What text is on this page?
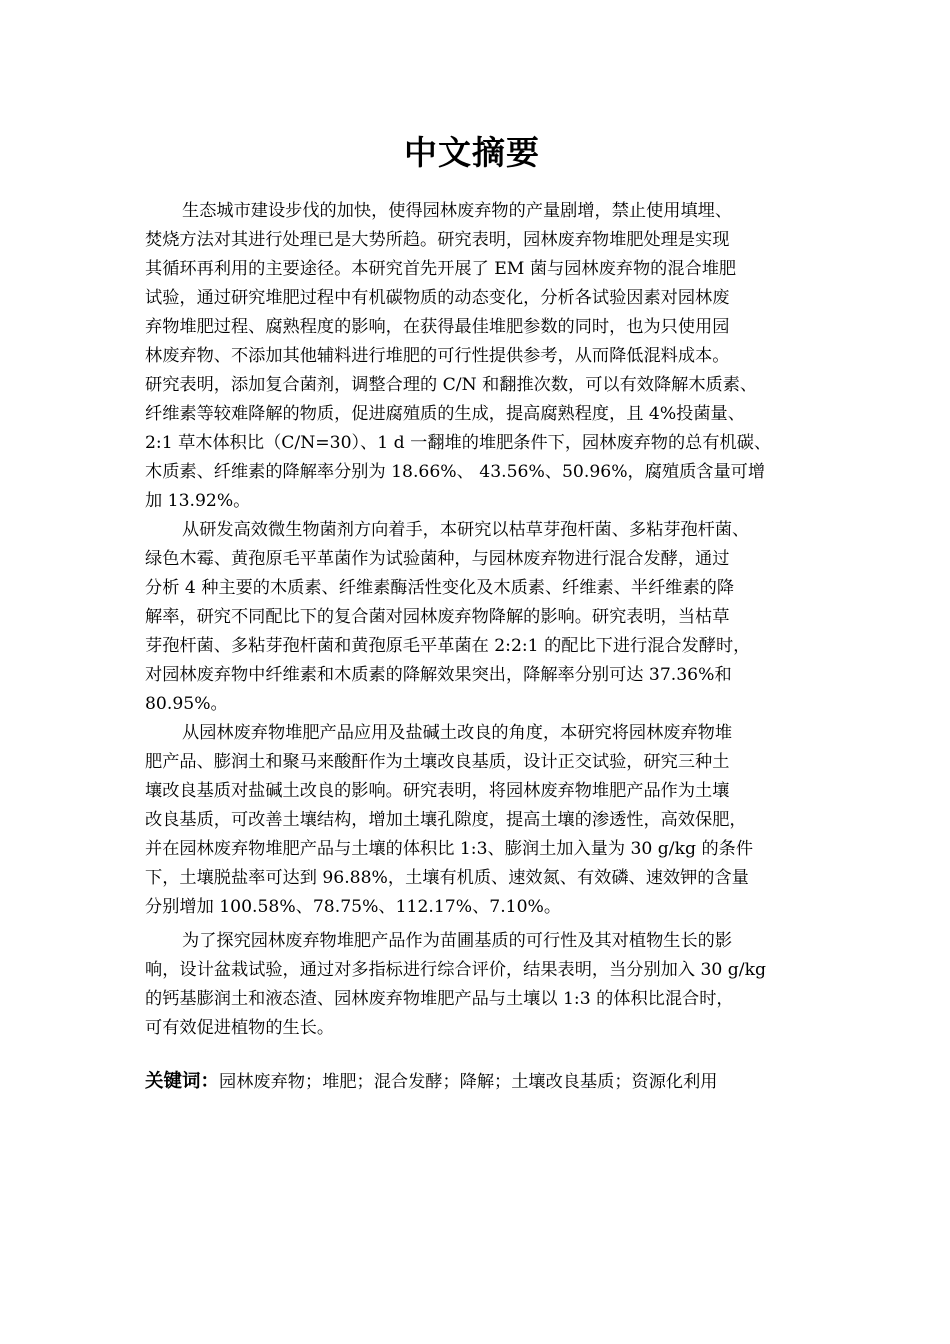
中文摘要
生态城市建设步伐的加快，使得园林废弃物的产量剧增，禁止使用填埋、
焚烧方法对其进行处理已是大势所趋。研究表明，园林废弃物堆肥处理是实现
其循环再利用的主要途径。本研究首先开展了 EM 菌与园林废弃物的混合堆肥
试验，通过研究堆肥过程中有机碳物质的动态变化，分析各试验因素对园林废
弃物堆肥过程、腐熟程度的影响，在获得最佳堆肥参数的同时，也为只使用园
林废弃物、不添加其他辅料进行堆肥的可行性提供参考，从而降低混料成本。
研究表明，添加复合菌剂，调整合理的 C/N 和翻推次数，可以有效降解木质素、
纤维素等较难降解的物质，促进腐殖质的生成，提高腐熟程度，且 4%投菌量、
2:1 草木体积比（C/N=30）、1 d 一翻堆的堆肥条件下，园林废弃物的总有机碳、
木质素、纤维素的降解率分别为 18.66%、 43.56%、50.96%，腐殖质含量可增
加 13.92%。
从研发高效微生物菌剂方向着手，本研究以枯草芽孢杆菌、多粘芽孢杆菌、
绿色木霉、黄孢原毛平革菌作为试验菌种，与园林废弃物进行混合发酵，通过
分析 4 种主要的木质素、纤维素酶活性变化及木质素、纤维素、半纤维素的降
解率，研究不同配比下的复合菌对园林废弃物降解的影响。研究表明，当枯草
芽孢杆菌、多粘芽孢杆菌和黄孢原毛平革菌在 2:2:1 的配比下进行混合发酵时，
对园林废弃物中纤维素和木质素的降解效果突出，降解率分别可达 37.36%和
80.95%。
从园林废弃物堆肥产品应用及盐碱土改良的角度，本研究将园林废弃物堆
肥产品、膨润土和聚马来酸酐作为土壤改良基质，设计正交试验，研究三种土
壤改良基质对盐碱土改良的影响。研究表明，将园林废弃物堆肥产品作为土壤
改良基质，可改善土壤结构，增加土壤孔隙度，提高土壤的渗透性，高效保肥，
并在园林废弃物堆肥产品与土壤的体积比 1:3、膨润土加入量为 30 g/kg 的条件
下，土壤脱盐率可达到 96.88%，土壤有机质、速效氮、有效磷、速效钾的含量
分别增加 100.58%、78.75%、112.17%、7.10%。
为了探究园林废弃物堆肥产品作为苗圃基质的可行性及其对植物生长的影
响，设计盆栽试验，通过对多指标进行综合评价，结果表明，当分别加入 30 g/kg
的钙基膨润土和液态渣、园林废弃物堆肥产品与土壤以 1:3 的体积比混合时，
可有效促进植物的生长。
关键词：园林废弃物；堆肥；混合发酵；降解；土壤改良基质；资源化利用
